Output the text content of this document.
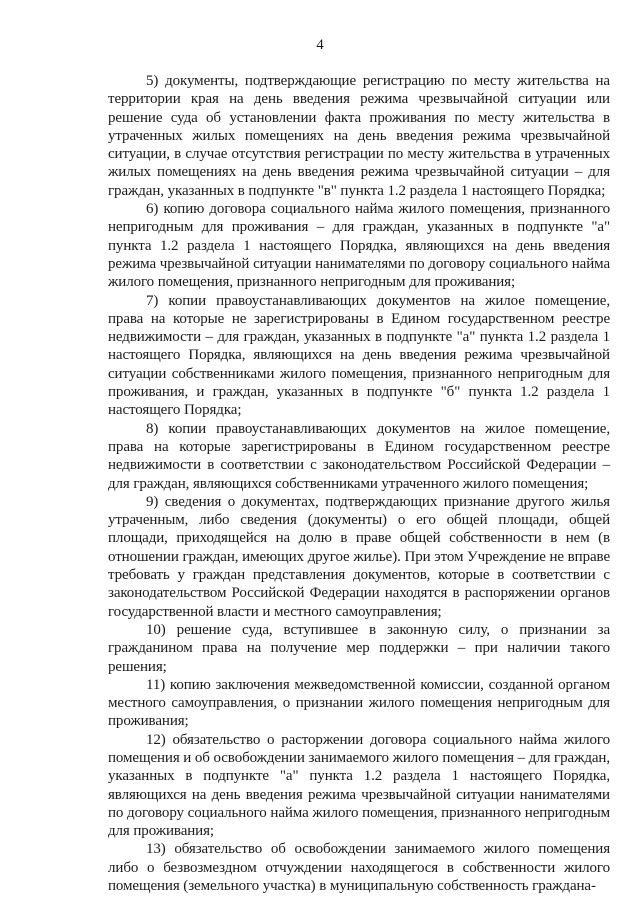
4

5) документы, подтверждающие регистрацию по месту жительства на территории края на день введения режима чрезвычайной ситуации или решение суда об установлении факта проживания по месту жительства в утраченных жилых помещениях на день введения режима чрезвычайной ситуации, в случае отсутствия регистрации по месту жительства в утраченных жилых помещениях на день введения режима чрезвычайной ситуации – для граждан, указанных в подпункте "в" пункта 1.2 раздела 1 настоящего Порядка;

6) копию договора социального найма жилого помещения, признанного непригодным для проживания – для граждан, указанных в подпункте "а" пункта 1.2 раздела 1 настоящего Порядка, являющихся на день введения режима чрезвычайной ситуации нанимателями по договору социального найма жилого помещения, признанного непригодным для проживания;

7) копии правоустанавливающих документов на жилое помещение, права на которые не зарегистрированы в Едином государственном реестре недвижимости – для граждан, указанных в подпункте "а" пункта 1.2 раздела 1 настоящего Порядка, являющихся на день введения режима чрезвычайной ситуации собственниками жилого помещения, признанного непригодным для проживания, и граждан, указанных в подпункте "б" пункта 1.2 раздела 1 настоящего Порядка;

8) копии правоустанавливающих документов на жилое помещение, права на которые зарегистрированы в Едином государственном реестре недвижимости в соответствии с законодательством Российской Федерации – для граждан, являющихся собственниками утраченного жилого помещения;

9) сведения о документах, подтверждающих признание другого жилья утраченным, либо сведения (документы) о его общей площади, общей площади, приходящейся на долю в праве общей собственности в нем (в отношении граждан, имеющих другое жилье). При этом Учреждение не вправе требовать у граждан представления документов, которые в соответствии с законодательством Российской Федерации находятся в распоряжении органов государственной власти и местного самоуправления;

10) решение суда, вступившее в законную силу, о признании за гражданином права на получение мер поддержки – при наличии такого решения;

11) копию заключения межведомственной комиссии, созданной органом местного самоуправления, о признании жилого помещения непригодным для проживания;

12) обязательство о расторжении договора социального найма жилого помещения и об освобождении занимаемого жилого помещения – для граждан, указанных в подпункте "а" пункта 1.2 раздела 1 настоящего Порядка, являющихся на день введения режима чрезвычайной ситуации нанимателями по договору социального найма жилого помещения, признанного непригодным для проживания;

13) обязательство об освобождении занимаемого жилого помещения либо о безвозмездном отчуждении находящегося в собственности жилого помещения (земельного участка) в муниципальную собственность граждана-
